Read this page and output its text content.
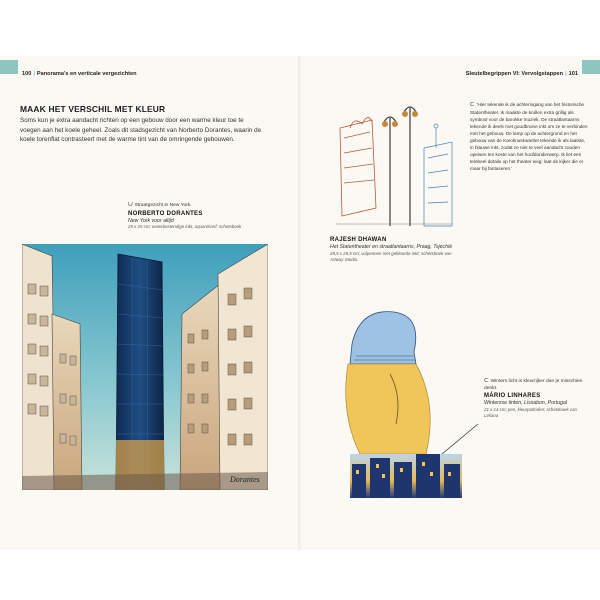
100 | Panorama's en verticale vergezichten	Sleutelbegrippen VI: Vervolgstappen | 101
MAAK HET VERSCHIL MET KLEUR
Soms kun je extra aandacht richten op een gebouw door een warme kleur toe te voegen aan het koele geheel. Zoals dit stadsgezicht van Norberto Dorantes, waarin de koele torenflat contrasteert met de warme tint van de omringende gebouwen.
⮋ Straatgezicht in New York.
NORBERTO DORANTES
New York voor altijd
25 x 25 cm; waterbestendige inkt, aquarelverf; schetsboek
Dorantes
RAJESH DHAWAN
Het Statentheater en straatlantaarns, Praag, Tsjechië
28,5 x 26,5 cm; vulpennen met gekleurde inkt; schetsboek van Artway Studio.
⮈ 'Hier tekende ik de achteringang van het historische Statentheater. Ik maakte de krullen extra grillig als symbool voor de barokke muziek. De straatlantaarns tekende ik deels met goudbruine inkt om ze te verbinden met het gebouw. De lamp op de achtergrond en het gebouw van de Karolinuskwartiet tekende ik als laatste, in blauwe inkt, zodat ze niet te veel aandacht zouden opeisen ten koste van het hoofdonderwerp. Ik liet een telebeel details op het theater weg; laat de kijker die er maar bij fantaseren.'
⮈ Winters licht is kleurrijker dan je misschien denkt.
MÁRIO LINHARES
Wintersse tinten, Lissabon, Portugal
21 x 14 cm; pen, kleurpotloden; schetsboek van Leliana
